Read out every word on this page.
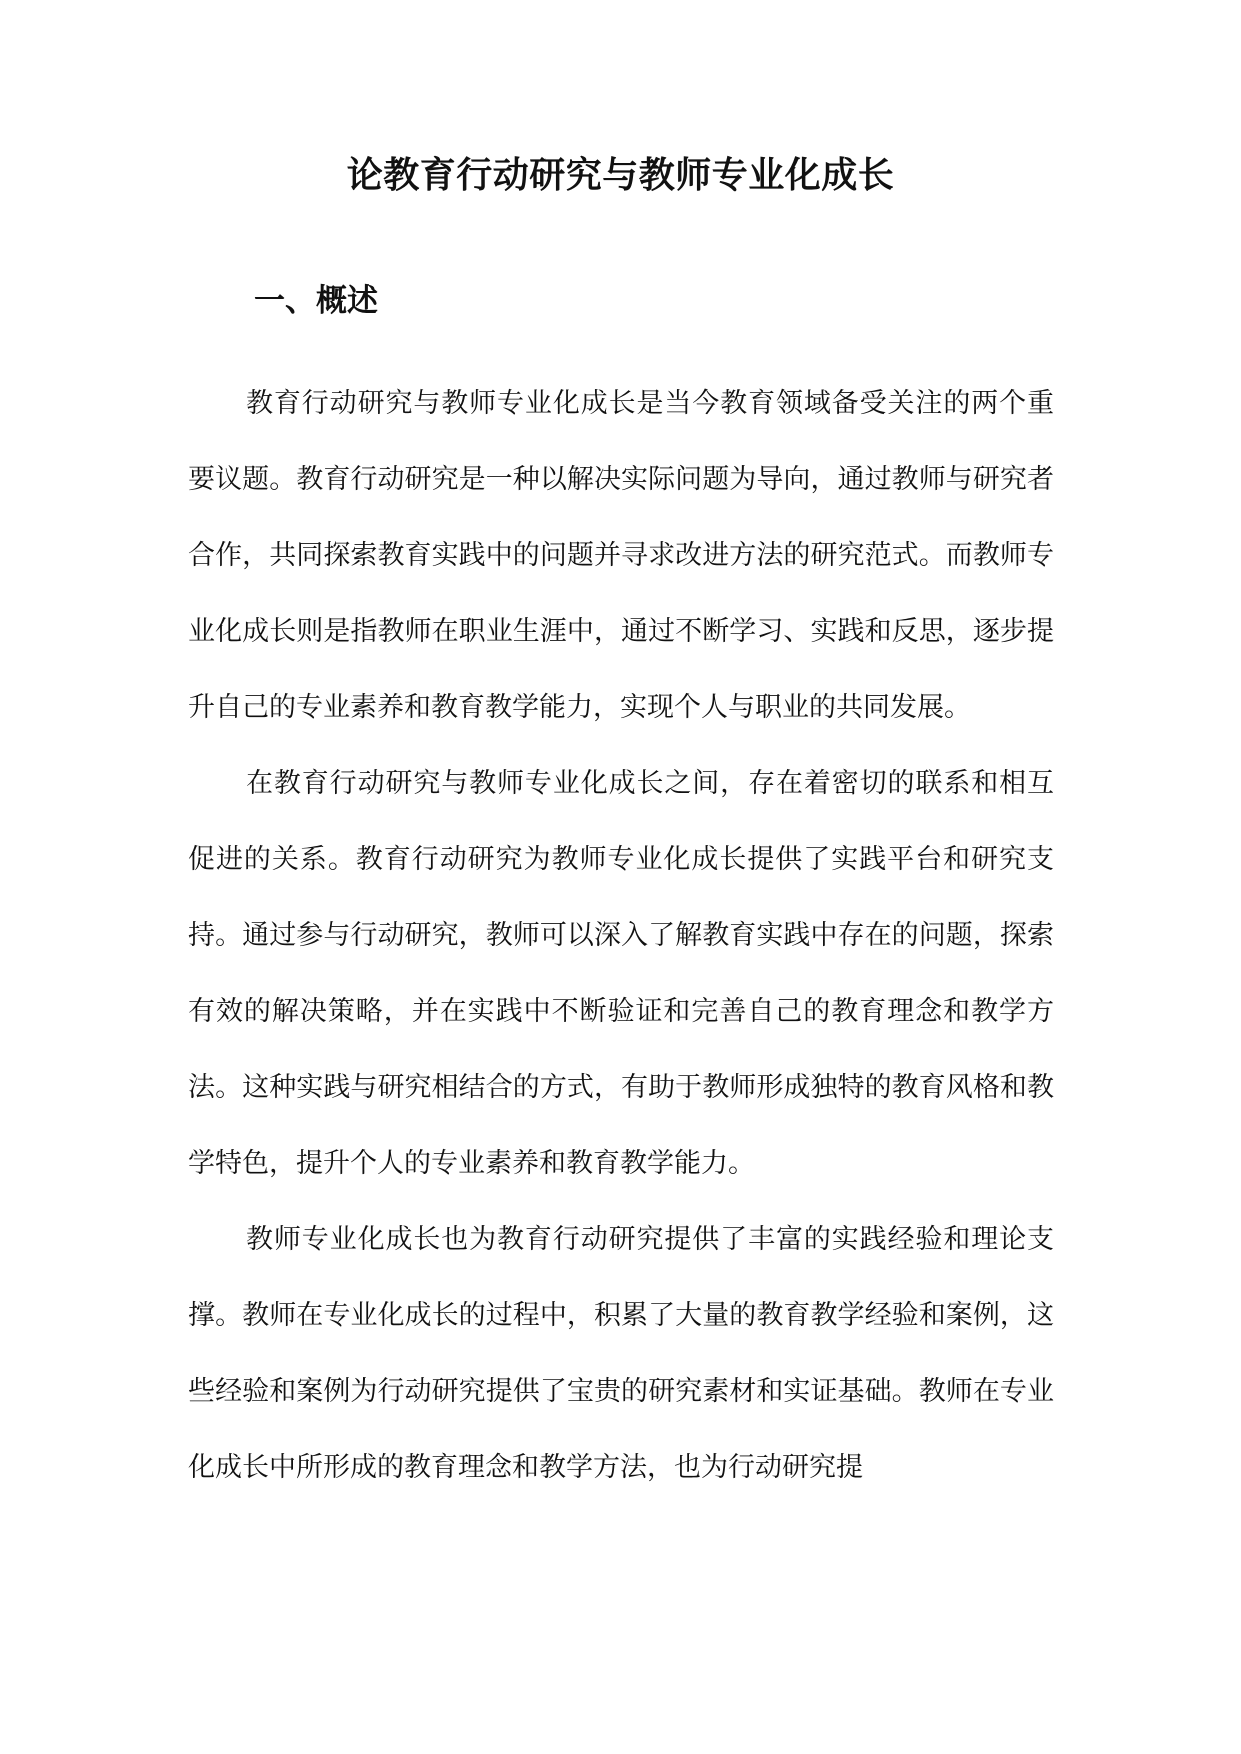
论教育行动研究与教师专业化成长
一、概述

教育行动研究与教师专业化成长是当今教育领域备受关注的两个重要议题。教育行动研究是一种以解决实际问题为导向，通过教师与研究者合作，共同探索教育实践中的问题并寻求改进方法的研究范式。而教师专业化成长则是指教师在职业生涯中，通过不断学习、实践和反思，逐步提升自己的专业素养和教育教学能力，实现个人与职业的共同发展。

在教育行动研究与教师专业化成长之间，存在着密切的联系和相互促进的关系。教育行动研究为教师专业化成长提供了实践平台和研究支持。通过参与行动研究，教师可以深入了解教育实践中存在的问题，探索有效的解决策略，并在实践中不断验证和完善自己的教育理念和教学方法。这种实践与研究相结合的方式，有助于教师形成独特的教育风格和教学特色，提升个人的专业素养和教育教学能力。

教师专业化成长也为教育行动研究提供了丰富的实践经验和理论支撑。教师在专业化成长的过程中，积累了大量的教育教学经验和案例，这些经验和案例为行动研究提供了宝贵的研究素材和实证基础。教师在专业化成长中所形成的教育理念和教学方法，也为行动研究提
